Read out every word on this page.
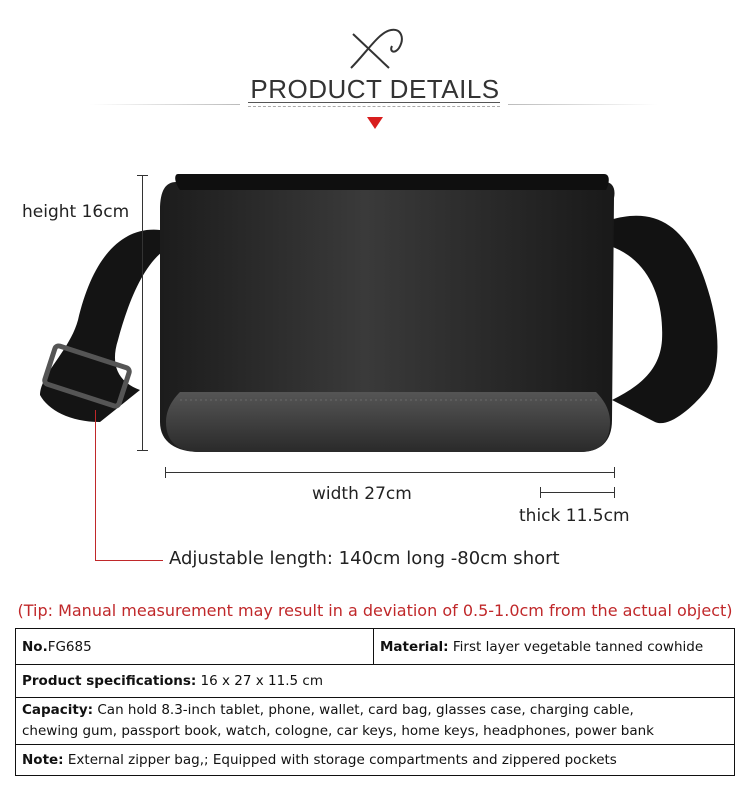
PRODUCT DETAILS
height 16cm
width 27cm
thick 11.5cm
Adjustable length: 140cm long -80cm short
(Tip: Manual measurement may result in a deviation of 0.5-1.0cm from the actual object)
No.FG685	Material: First layer vegetable tanned cowhide
Product specifications: 16 x 27 x 11.5 cm
Capacity: Can hold 8.3-inch tablet, phone, wallet, card bag, glasses case, charging cable,
chewing gum, passport book, watch, cologne, car keys, home keys, headphones, power bank
Note: External zipper bag,; Equipped with storage compartments and zippered pockets
